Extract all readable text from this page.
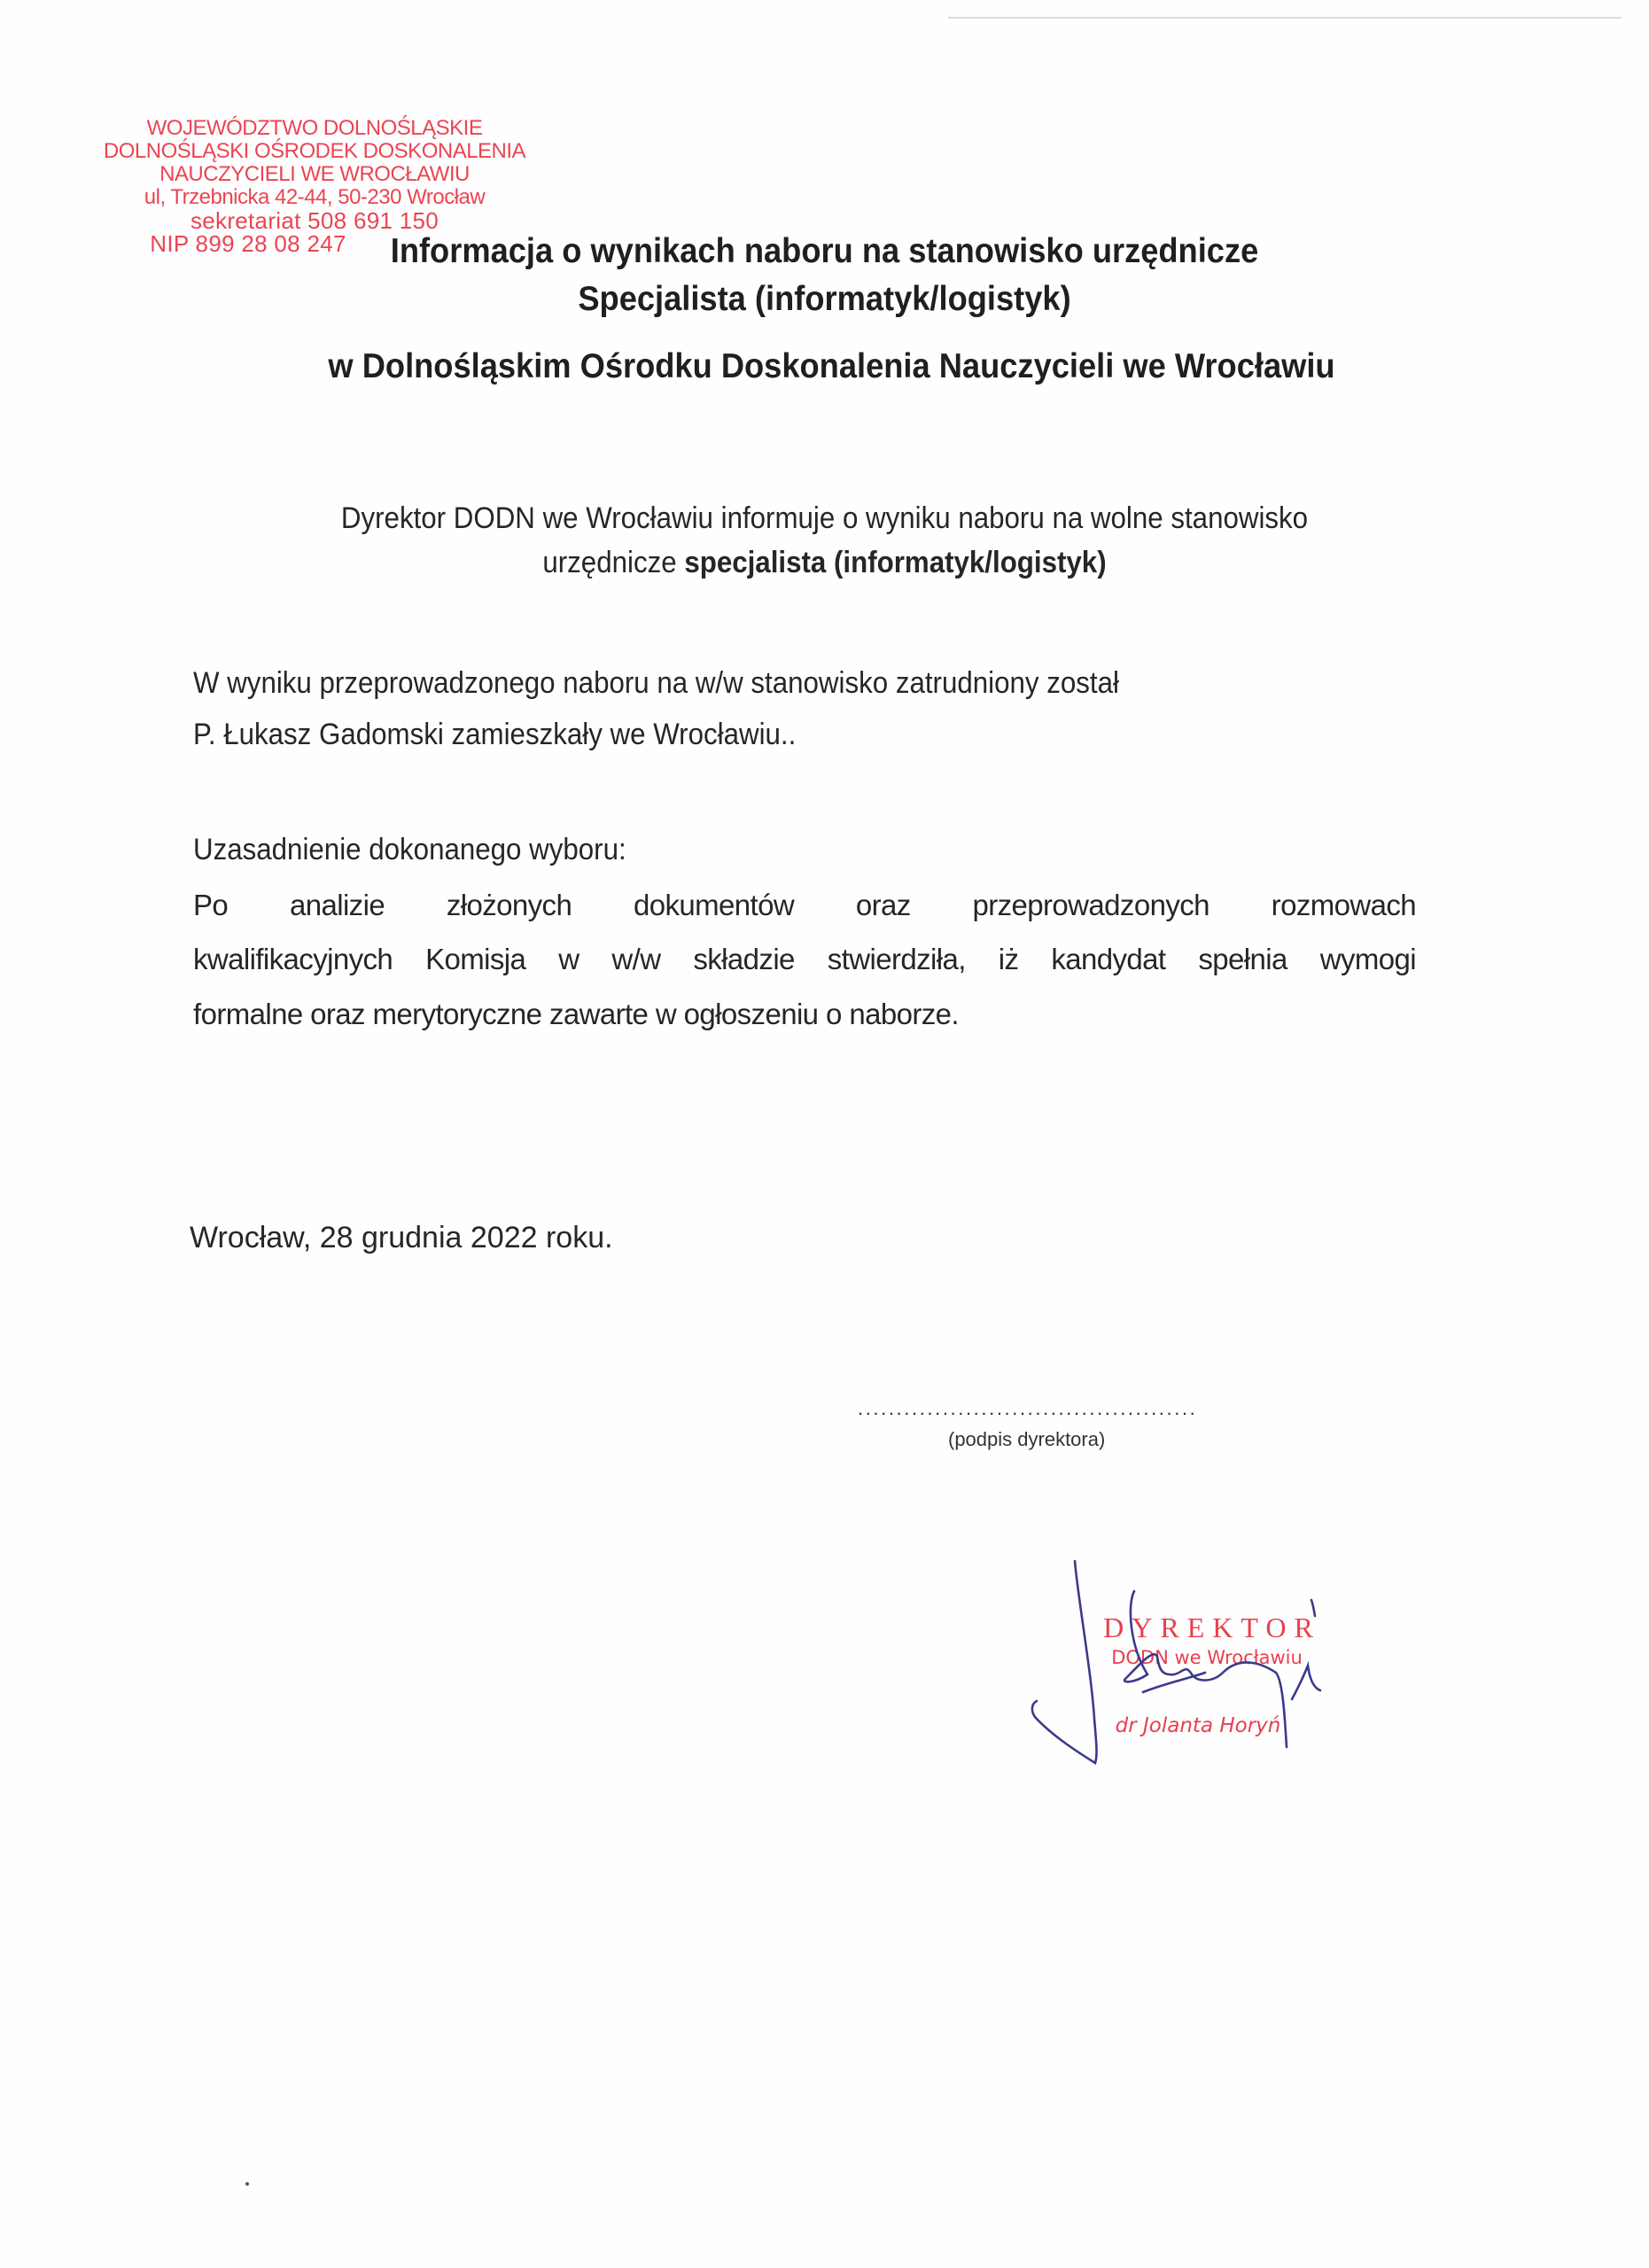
WOJEWÓDZTWO DOLNOŚLĄSKIE
DOLNOŚLĄSKI OŚRODEK DOSKONALENIA
NAUCZYCIELI WE WROCŁAWIU
ul, Trzebnicka 42-44, 50-230 Wrocław
sekretariat 508 691 150
NIP 899 28 08 247	Informacja o wynikach naboru na stanowisko urzędnicze
Specjalista (informatyk/logistyk)
w Dolnośląskim Ośrodku Doskonalenia Nauczycieli we Wrocławiu
Dyrektor DODN we Wrocławiu informuje o wyniku naboru na wolne stanowisko
urzędnicze specjalista (informatyk/logistyk)
W wyniku przeprowadzonego naboru na w/w stanowisko zatrudniony został
P. Łukasz Gadomski zamieszkały we Wrocławiu..
Uzasadnienie dokonanego wyboru:
Po analizie złożonych dokumentów oraz przeprowadzonych rozmowach
kwalifikacyjnych Komisja w w/w składzie stwierdziła, iż kandydat spełnia wymogi
formalne oraz merytoryczne zawarte w ogłoszeniu o naborze.
Wrocław, 28 grudnia 2022 roku.
............................................
(podpis dyrektora)
DYREKTOR
DODN we Wrocławiu
dr Jolanta Horyń
